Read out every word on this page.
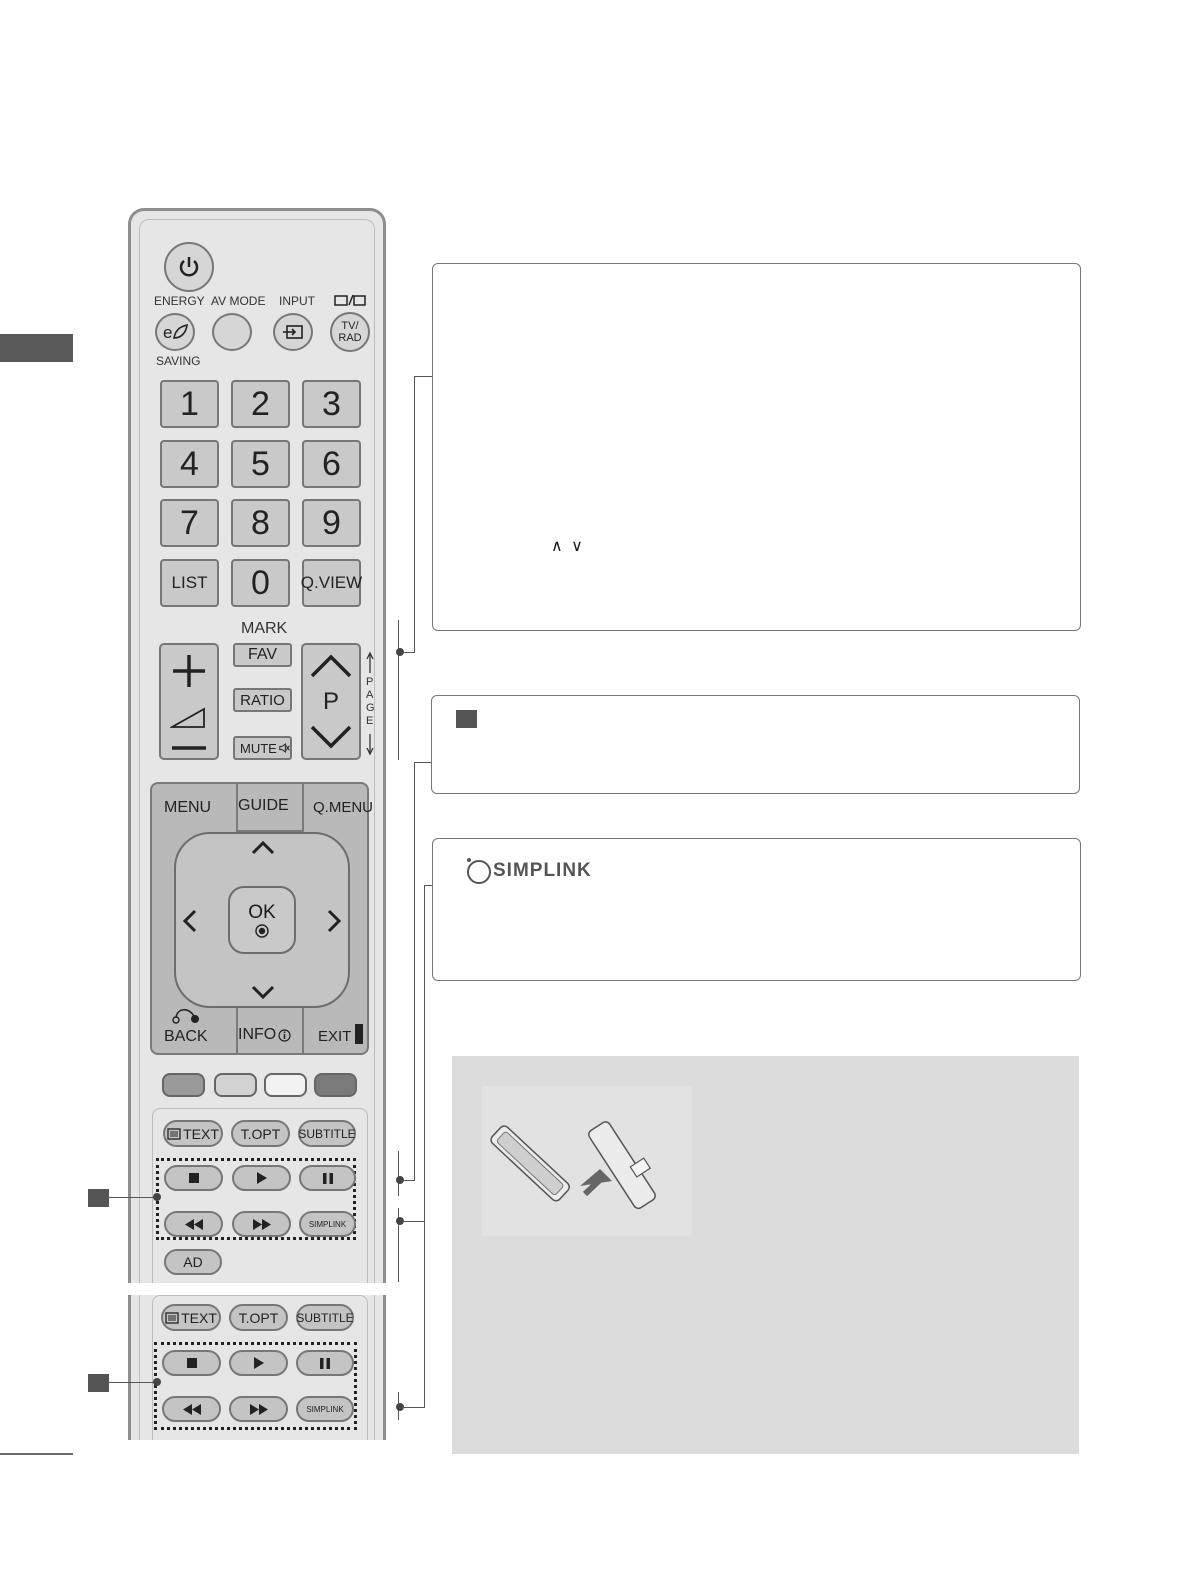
ENERGY AV MODE INPUT
SAVING
e	TV/
RAD
1	2	3
4	5	6
7	8	9
LIST	0	Q.VIEW
MARK
FAV
RATIO
MUTE
P
P
A
G
E
MENU GUIDE Q.MENU
OK
BACK INFO	EXIT
TEXT	T.OPT	SUBTITLE
SIMPLINK
AD
TEXT	T.OPT	SUBTITLE
SIMPLINK
∧ ∨
SIMPLINK
